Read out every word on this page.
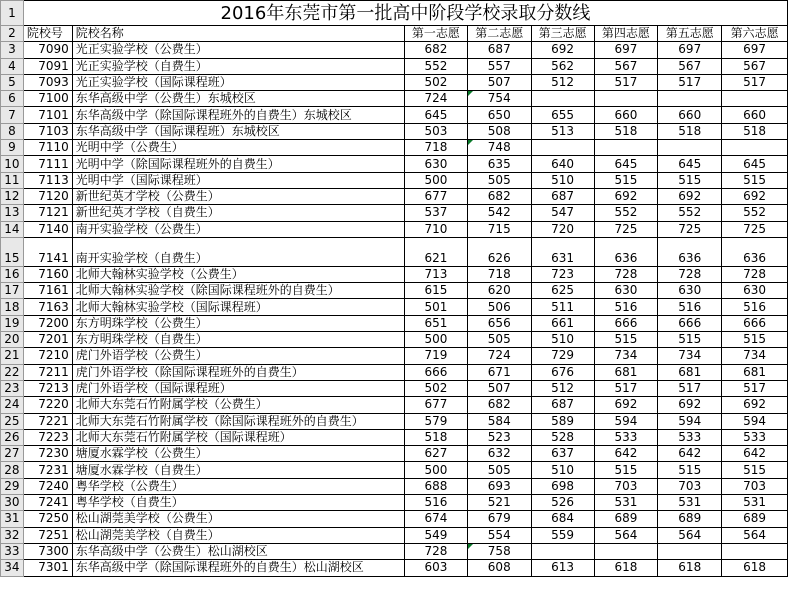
1	2016年东莞市第一批高中阶段学校录取分数线							
2	院校号	院校名称	第一志愿	第二志愿	第三志愿	第四志愿	第五志愿	第六志愿
3	7090	光正实验学校（公费生）	682	687	692	697	697	697
4	7091	光正实验学校（自费生）	552	557	562	567	567	567
5	7093	光正实验学校（国际课程班）	502	507	512	517	517	517
6	7100	东华高级中学（公费生）东城校区	724	754				
7	7101	东华高级中学（除国际课程班外的自费生）东城校区	645	650	655	660	660	660
8	7103	东华高级中学（国际课程班）东城校区	503	508	513	518	518	518
9	7110	光明中学（公费生）	718	748				
10	7111	光明中学（除国际课程班外的自费生）	630	635	640	645	645	645
11	7113	光明中学（国际课程班）	500	505	510	515	515	515
12	7120	新世纪英才学校（公费生）	677	682	687	692	692	692
13	7121	新世纪英才学校（自费生）	537	542	547	552	552	552
14	7140	南开实验学校（公费生）	710	715	720	725	725	725
15	7141	南开实验学校（自费生）	621	626	631	636	636	636
16	7160	北师大翰林实验学校（公费生）	713	718	723	728	728	728
17	7161	北师大翰林实验学校（除国际课程班外的自费生）	615	620	625	630	630	630
18	7163	北师大翰林实验学校（国际课程班）	501	506	511	516	516	516
19	7200	东方明珠学校（公费生）	651	656	661	666	666	666
20	7201	东方明珠学校（自费生）	500	505	510	515	515	515
21	7210	虎门外语学校（公费生）	719	724	729	734	734	734
22	7211	虎门外语学校（除国际课程班外的自费生）	666	671	676	681	681	681
23	7213	虎门外语学校（国际课程班）	502	507	512	517	517	517
24	7220	北师大东莞石竹附属学校（公费生）	677	682	687	692	692	692
25	7221	北师大东莞石竹附属学校（除国际课程班外的自费生）	579	584	589	594	594	594
26	7223	北师大东莞石竹附属学校（国际课程班）	518	523	528	533	533	533
27	7230	塘厦水霖学校（公费生）	627	632	637	642	642	642
28	7231	塘厦水霖学校（自费生）	500	505	510	515	515	515
29	7240	粤华学校（公费生）	688	693	698	703	703	703
30	7241	粤华学校（自费生）	516	521	526	531	531	531
31	7250	松山湖莞美学校（公费生）	674	679	684	689	689	689
32	7251	松山湖莞美学校（自费生）	549	554	559	564	564	564
33	7300	东华高级中学（公费生）松山湖校区	728	758				
34	7301	东华高级中学（除国际课程班外的自费生）松山湖校区	603	608	613	618	618	618
